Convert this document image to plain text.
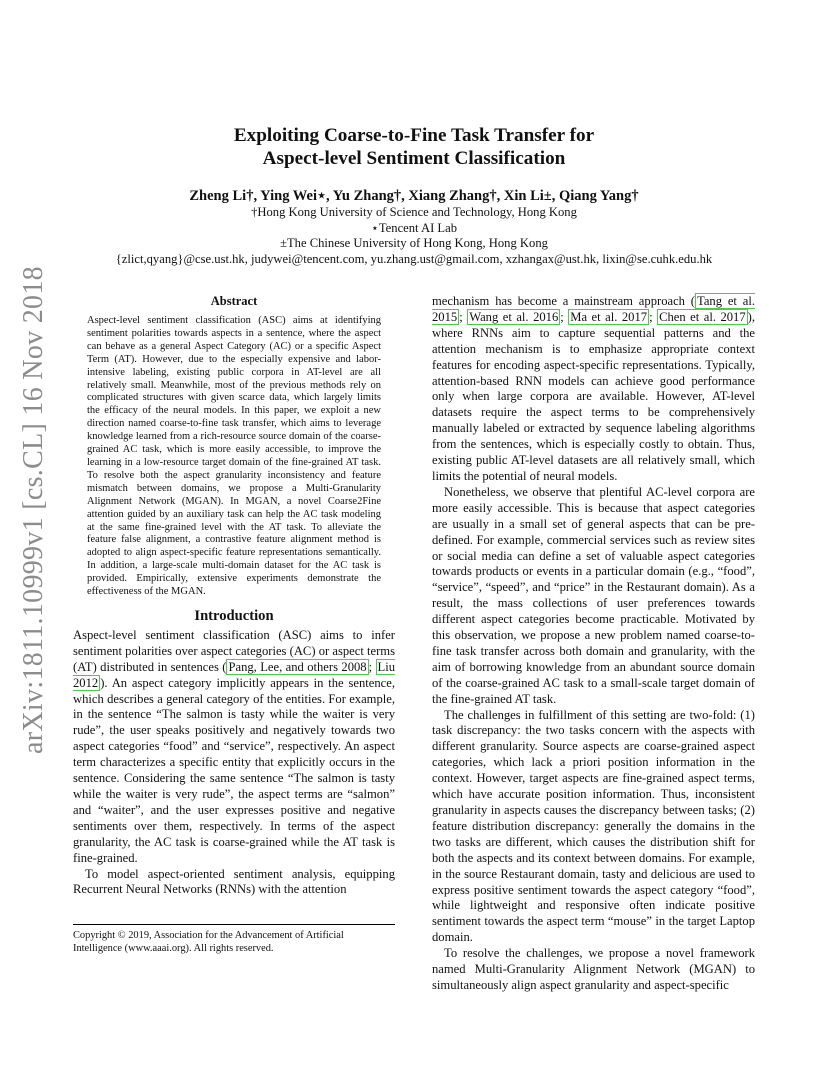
arXiv:1811.10999v1 [cs.CL] 16 Nov 2018
Exploiting Coarse-to-Fine Task Transfer for
Aspect-level Sentiment Classification
Zheng Li†, Ying Wei⋆, Yu Zhang†, Xiang Zhang†, Xin Li±, Qiang Yang†
†Hong Kong University of Science and Technology, Hong Kong
⋆Tencent AI Lab
±The Chinese University of Hong Kong, Hong Kong
{zlict,qyang}@cse.ust.hk, judywei@tencent.com, yu.zhang.ust@gmail.com, xzhangax@ust.hk, lixin@se.cuhk.edu.hk
Abstract
Aspect-level sentiment classification (ASC) aims at identifying sentiment polarities towards aspects in a sentence, where the aspect can behave as a general Aspect Category (AC) or a specific Aspect Term (AT). However, due to the especially expensive and labor-intensive labeling, existing public corpora in AT-level are all relatively small. Meanwhile, most of the previous methods rely on complicated structures with given scarce data, which largely limits the efficacy of the neural models. In this paper, we exploit a new direction named coarse-to-fine task transfer, which aims to leverage knowledge learned from a rich-resource source domain of the coarse-grained AC task, which is more easily accessible, to improve the learning in a low-resource target domain of the fine-grained AT task. To resolve both the aspect granularity inconsistency and feature mismatch between domains, we propose a Multi-Granularity Alignment Network (MGAN). In MGAN, a novel Coarse2Fine attention guided by an auxiliary task can help the AC task modeling at the same fine-grained level with the AT task. To alleviate the feature false alignment, a contrastive feature alignment method is adopted to align aspect-specific feature representations semantically. In addition, a large-scale multi-domain dataset for the AC task is provided. Empirically, extensive experiments demonstrate the effectiveness of the MGAN.
Introduction

Aspect-level sentiment classification (ASC) aims to infer sentiment polarities over aspect categories (AC) or aspect terms (AT) distributed in sentences ( Pang, Lee, and others 2008 ; Liu 2012 ). An aspect category implicitly appears in the sentence, which describes a general category of the entities. For example, in the sentence “The salmon is tasty while the waiter is very rude”, the user speaks positively and negatively towards two aspect categories “food” and “service”, respectively. An aspect term characterizes a specific entity that explicitly occurs in the sentence. Considering the same sentence “The salmon is tasty while the waiter is very rude”, the aspect terms are “salmon” and “waiter”, and the user expresses positive and negative sentiments over them, respectively. In terms of the aspect granularity, the AC task is coarse-grained while the AT task is fine-grained.

To model aspect-oriented sentiment analysis, equipping Recurrent Neural Networks (RNNs) with the attention

Copyright © 2019, Association for the Advancement of Artificial Intelligence (www.aaai.org). All rights reserved.

mechanism has become a mainstream approach ( Tang et al. 2015 ; Wang et al. 2016 ; Ma et al. 2017 ; Chen et al. 2017 ), where RNNs aim to capture sequential patterns and the attention mechanism is to emphasize appropriate context features for encoding aspect-specific representations. Typically, attention-based RNN models can achieve good performance only when large corpora are available. However, AT-level datasets require the aspect terms to be comprehensively manually labeled or extracted by sequence labeling algorithms from the sentences, which is especially costly to obtain. Thus, existing public AT-level datasets are all relatively small, which limits the potential of neural models.

Nonetheless, we observe that plentiful AC-level corpora are more easily accessible. This is because that aspect categories are usually in a small set of general aspects that can be pre-defined. For example, commercial services such as review sites or social media can define a set of valuable aspect categories towards products or events in a particular domain (e.g., “food”, “service”, “speed”, and “price” in the Restaurant domain). As a result, the mass collections of user preferences towards different aspect categories become practicable. Motivated by this observation, we propose a new problem named coarse-to-fine task transfer across both domain and granularity, with the aim of borrowing knowledge from an abundant source domain of the coarse-grained AC task to a small-scale target domain of the fine-grained AT task.

The challenges in fulfillment of this setting are two-fold: (1) task discrepancy: the two tasks concern with the aspects with different granularity. Source aspects are coarse-grained aspect categories, which lack a priori position information in the context. However, target aspects are fine-grained aspect terms, which have accurate position information. Thus, inconsistent granularity in aspects causes the discrepancy between tasks; (2) feature distribution discrepancy: generally the domains in the two tasks are different, which causes the distribution shift for both the aspects and its context between domains. For example, in the source Restaurant domain, tasty and delicious are used to express positive sentiment towards the aspect category “food”, while lightweight and responsive often indicate positive sentiment towards the aspect term “mouse” in the target Laptop domain.

To resolve the challenges, we propose a novel framework named Multi-Granularity Alignment Network (MGAN) to simultaneously align aspect granularity and aspect-specific
